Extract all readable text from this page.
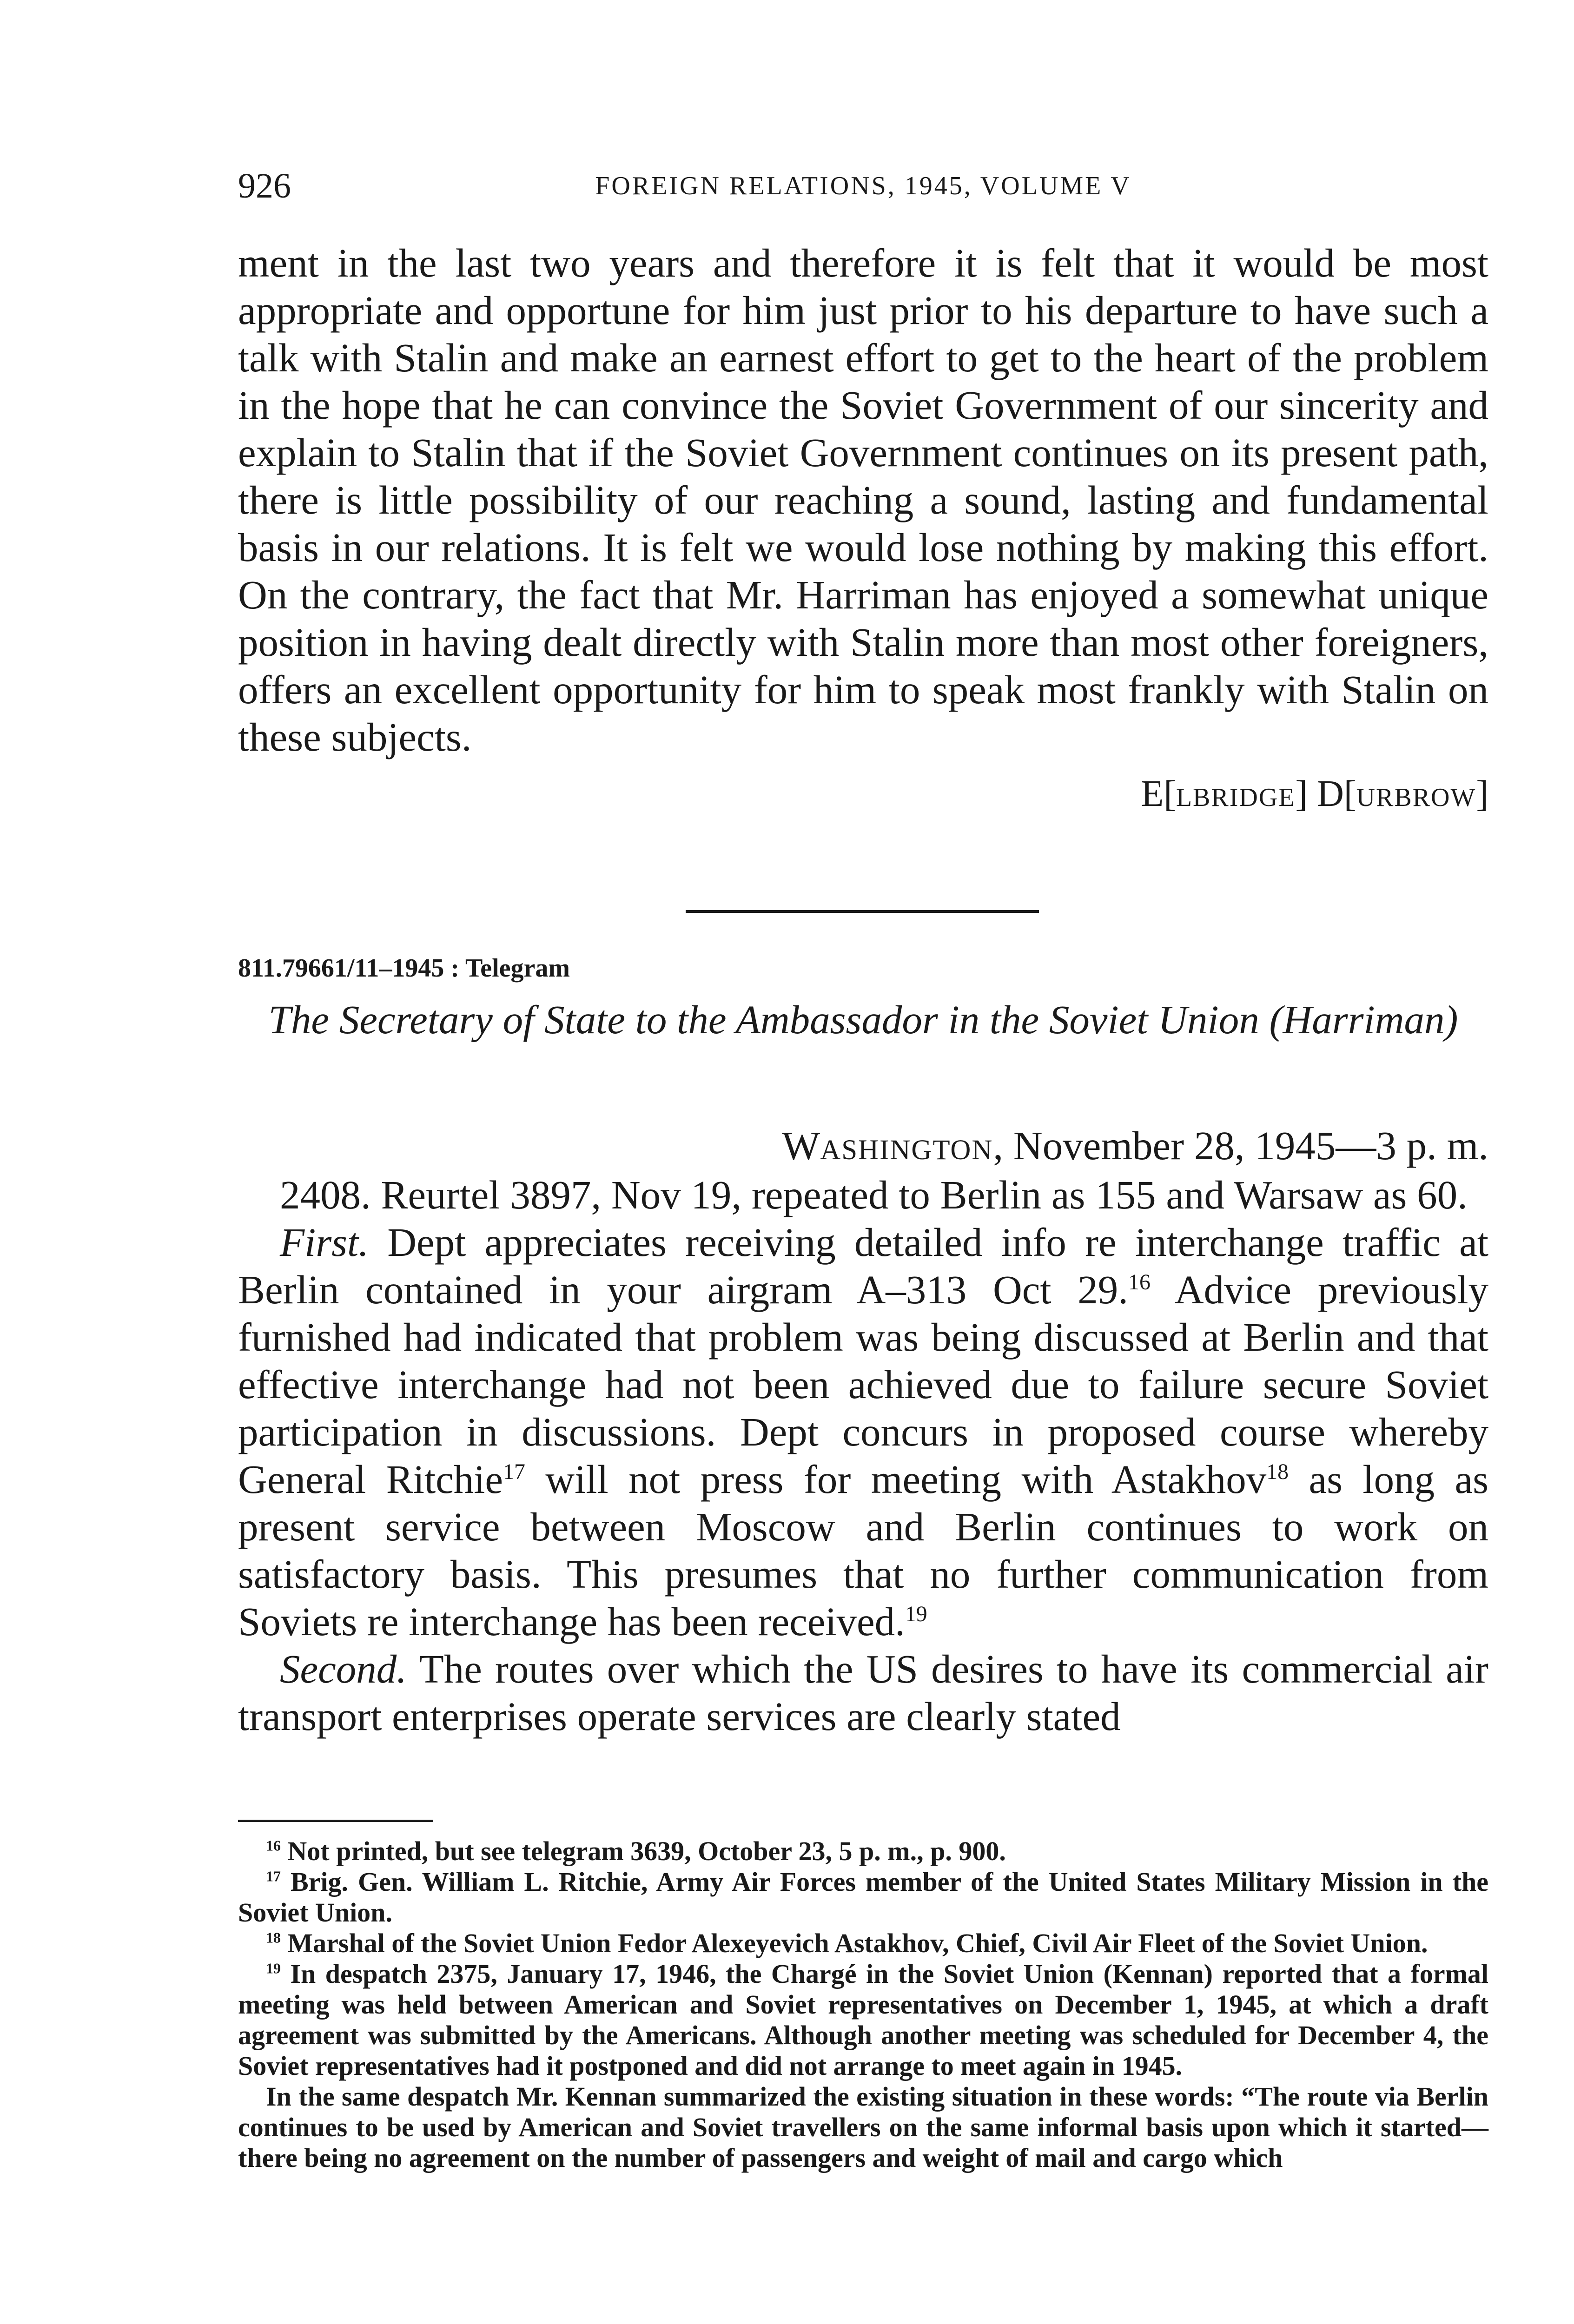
926	FOREIGN RELATIONS, 1945, VOLUME V

ment in the last two years and therefore it is felt that it would be most appropriate and opportune for him just prior to his departure to have such a talk with Stalin and make an earnest effort to get to the heart of the problem in the hope that he can convince the Soviet Government of our sincerity and explain to Stalin that if the Soviet Government continues on its present path, there is little possibility of our reaching a sound, lasting and fundamental basis in our relations. It is felt we would lose nothing by making this effort. On the contrary, the fact that Mr. Harriman has enjoyed a somewhat unique position in having dealt directly with Stalin more than most other foreigners, offers an excellent opportunity for him to speak most frankly with Stalin on these subjects.

E[LBRIDGE] D[URBROW]
811.79661/11–1945 : Telegram

The Secretary of State to the Ambassador in the Soviet Union (Harriman)

WASHINGTON, November 28, 1945—3 p. m.

2408. Reurtel 3897, Nov 19, repeated to Berlin as 155 and Warsaw as 60.

First. Dept appreciates receiving detailed info re interchange traffic at Berlin contained in your airgram A–313 Oct 29.16 Advice previously furnished had indicated that problem was being discussed at Berlin and that effective interchange had not been achieved due to failure secure Soviet participation in discussions. Dept concurs in proposed course whereby General Ritchie$^{17}$ will not press for meeting with Astakhov$^{18}$ as long as present service between Moscow and Berlin continues to work on satisfactory basis. This presumes that no further communication from Soviets re interchange has been received.$^{19}$

Second. The routes over which the US desires to have its commercial air transport enterprises operate services are clearly stated

$^{16}$ Not printed, but see telegram 3639, October 23, 5 p. m., p. 900.

$^{17}$ Brig. Gen. William L. Ritchie, Army Air Forces member of the United States Military Mission in the Soviet Union.

$^{18}$ Marshal of the Soviet Union Fedor Alexeyevich Astakhov, Chief, Civil Air Fleet of the Soviet Union.

$^{19}$ In despatch 2375, January 17, 1946, the Chargé in the Soviet Union (Kennan) reported that a formal meeting was held between American and Soviet representatives on December 1, 1945, at which a draft agreement was submitted by the Americans. Although another meeting was scheduled for December 4, the Soviet representatives had it postponed and did not arrange to meet again in 1945.

In the same despatch Mr. Kennan summarized the existing situation in these words: “The route via Berlin continues to be used by American and Soviet travellers on the same informal basis upon which it started—there being no agreement on the number of passengers and weight of mail and cargo which
